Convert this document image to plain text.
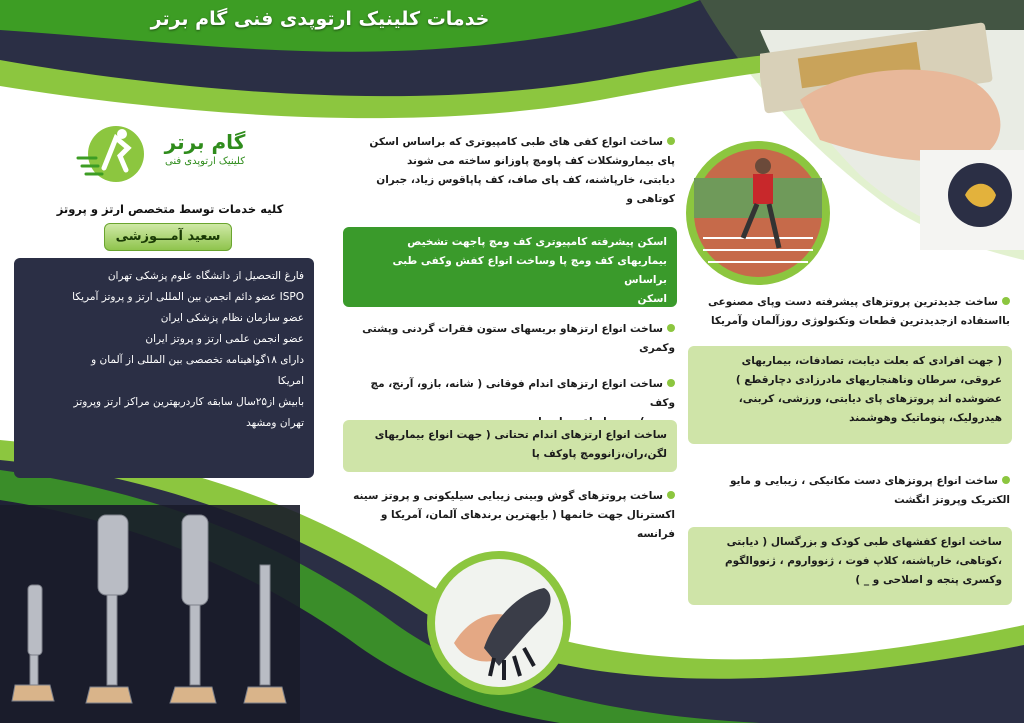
خدمات کلینیک ارتوپدی فنی گام برتر
گام برتر
کلینیک ارتوپدی فنی
کلیه خدمات توسط متخصص ارتز و پروتز
سعید آمـــوزشی
فارغ التحصیل از دانشگاه علوم پزشکی تهران
ISPO عضو دائم انجمن بین المللی ارتز و پروتز آمریکا
عضو سازمان نظام پزشکی ایران
عضو انجمن علمی ارتز و پروتز ایران
دارای ۱۸گواهینامه تخصصی بین المللی از آلمان و
امریکا
بابیش از۲۵سال سابقه کاردربهترین مراکز ارتز وپروتز
تهران ومشهد
ساخت انواع کفی های طبی کامپیوتری که براساس اسکن
پای بیماروشکلات کف پاومچ پاوزانو ساخته می شوند
دیابتی، خارپاشنه، کف پای صاف، کف پاپاقوس زیاد، جبران
کوتاهی و
اسکن پیشرفته کامپیوتری کف ومچ پاجهت تشخیص
بیماریهای کف ومچ پا وساخت انواع کفش وکفی طبی براساس
اسکن
ساخت انواع ارتزهاو بریسهای ستون فقرات گردنی وپشتی
وکمری
ساخت انواع ارتزهای اندام فوقانی ( شانه، بازو، آرنج، مچ وکف
ساخت انواع ارتزهای اندام تحتانی ( جهت انواع بیماریهای
لگن،ران،زانوومچ پاوکف پا
ساخت پروتزهای گوش وبینی زیبایی سیلیکونی و پروتز سینه
اکسترنال جهت خانمها ( باِبهترین برندهای آلمان، آمریکا و
فرانسه
ساخت جدیدترین پروتزهای پیشرفته دست وپای مصنوعی
بااستفاده ازجدیدترین قطعات وتکنولوژی روزآلمان وآمریکا
( جهت افرادی که بعلت دیابت، تصادفات، بیماریهای
عروقی، سرطان وناهنجاریهای مادرزادی دچارقطع )
عضوشده اند پروتزهای پای دیابتی، ورزشی، کربنی،
هیدرولیک، پنوماتیک وهوشمند
ساخت انواع پروتزهای دست مکانیکی ، زیبایی و مایو
الکتریک وپروتز انگشت
ساخت انواع کفشهای طبی کودک و بزرگسال ( دیابتی
،کوتاهی، خارپاشنه، کلاپ فوت ، ژنوواروم ، ژنووالگوم
وکسری پنجه و اصلاحی و _ )
